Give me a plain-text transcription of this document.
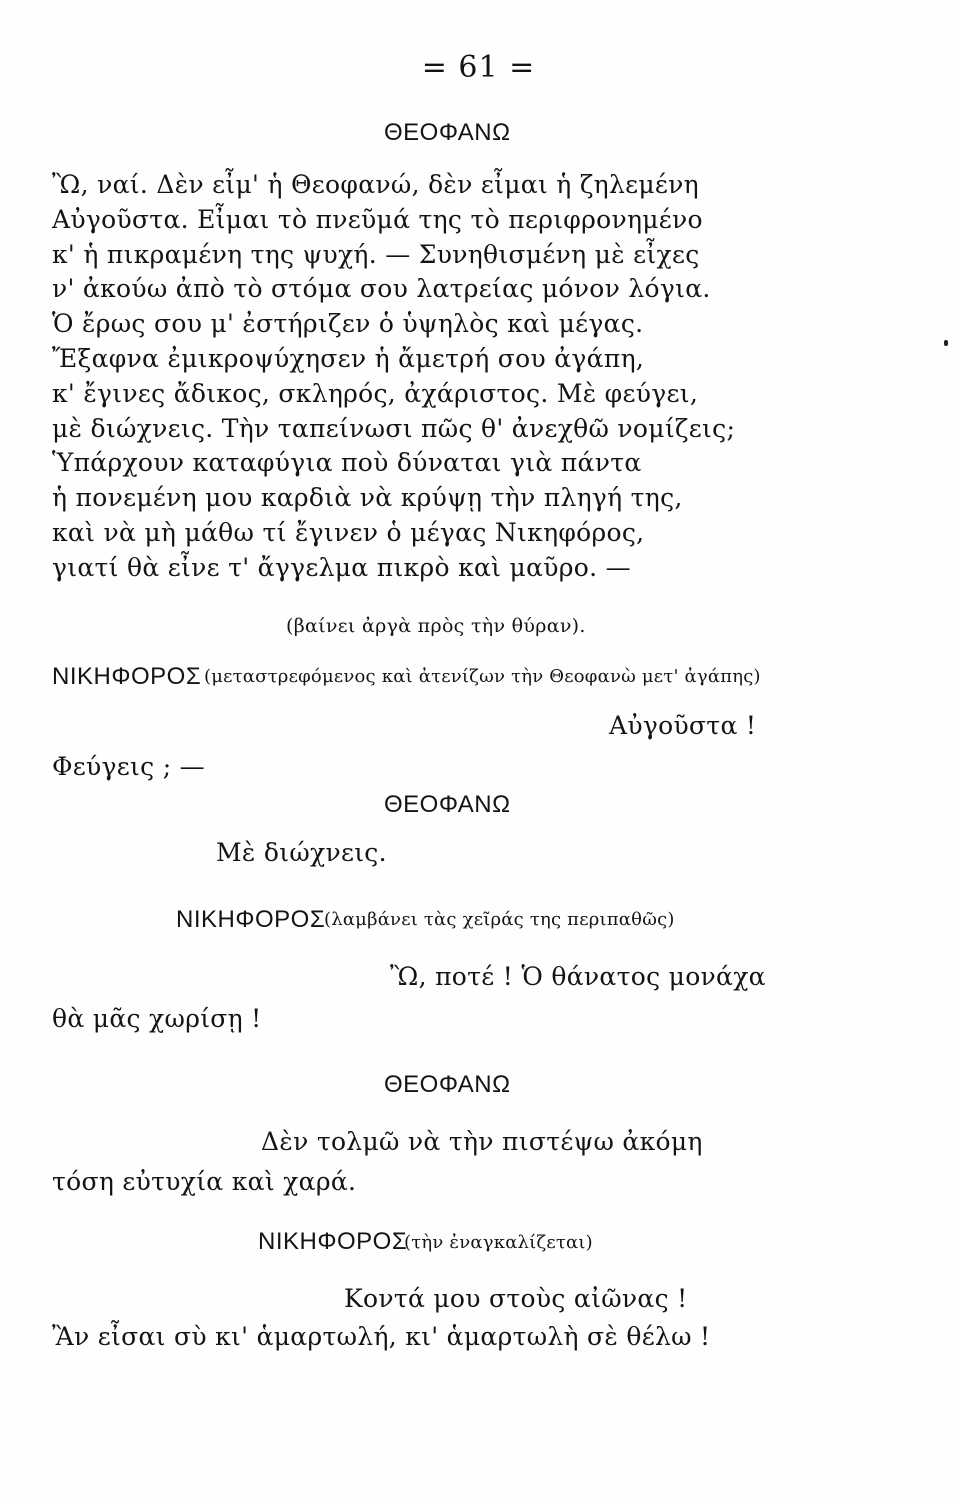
= 61 =
ΘΕΟΦΑΝΩ
Ὢ, ναί. Δὲν εἶμ' ἡ Θεοφανώ, δὲν εἶμαι ἡ ζηλεμένη
Αὐγοῦστα. Εἶμαι τὸ πνεῦμά της τὸ περιφρονημένο
κ' ἡ πικραμένη της ψυχή. — Συνηθισμένη μὲ εἶχες
ν' ἀκούω ἀπὸ τὸ στόμα σου λατρείας μόνον λόγια.
Ὁ ἔρως σου μ' ἐστήριζεν ὁ ὑψηλὸς καὶ μέγας.
Ἔξαφνα ἐμικροψύχησεν ἡ ἄμετρή σου ἀγάπη,
κ' ἔγινες ἄδικος, σκληρός, ἀχάριστος. Μὲ φεύγει,
μὲ διώχνεις. Τὴν ταπείνωσι πῶς θ' ἀνεχθῶ νομίζεις;
Ὑπάρχουν καταφύγια ποὺ δύναται γιὰ πάντα
ἡ πονεμένη μου καρδιὰ νὰ κρύψῃ τὴν πληγή της,
καὶ νὰ μὴ μάθω τί ἔγινεν ὁ μέγας Νικηφόρος,
γιατί θὰ εἶνε τ' ἄγγελμα πικρὸ καὶ μαῦρο. —
(βαίνει ἀργὰ πρὸς τὴν θύραν).
ΝΙΚΗΦΟΡΟΣ (μεταστρεφόμενος καὶ ἀτενίζων τὴν Θεοφανὼ μετ' ἀγάπης)
Αὐγοῦστα !
Φεύγεις ; —
ΘΕΟΦΑΝΩ
Μὲ διώχνεις.
ΝΙΚΗΦΟΡΟΣ
(λαμβάνει τὰς χεῖράς της περιπαθῶς)
Ὢ, ποτέ ! Ὁ θάνατος μονάχα
θὰ μᾶς χωρίσῃ !
ΘΕΟΦΑΝΩ
Δὲν τολμῶ νὰ τὴν πιστέψω ἀκόμη
τόση εὐτυχία καὶ χαρά.
ΝΙΚΗΦΟΡΟΣ
(τὴν ἐναγκαλίζεται)
Κοντά μου στοὺς αἰῶνας !
Ἂν εἶσαι σὺ κι' ἁμαρτωλή, κι' ἁμαρτωλὴ σὲ θέλω !
